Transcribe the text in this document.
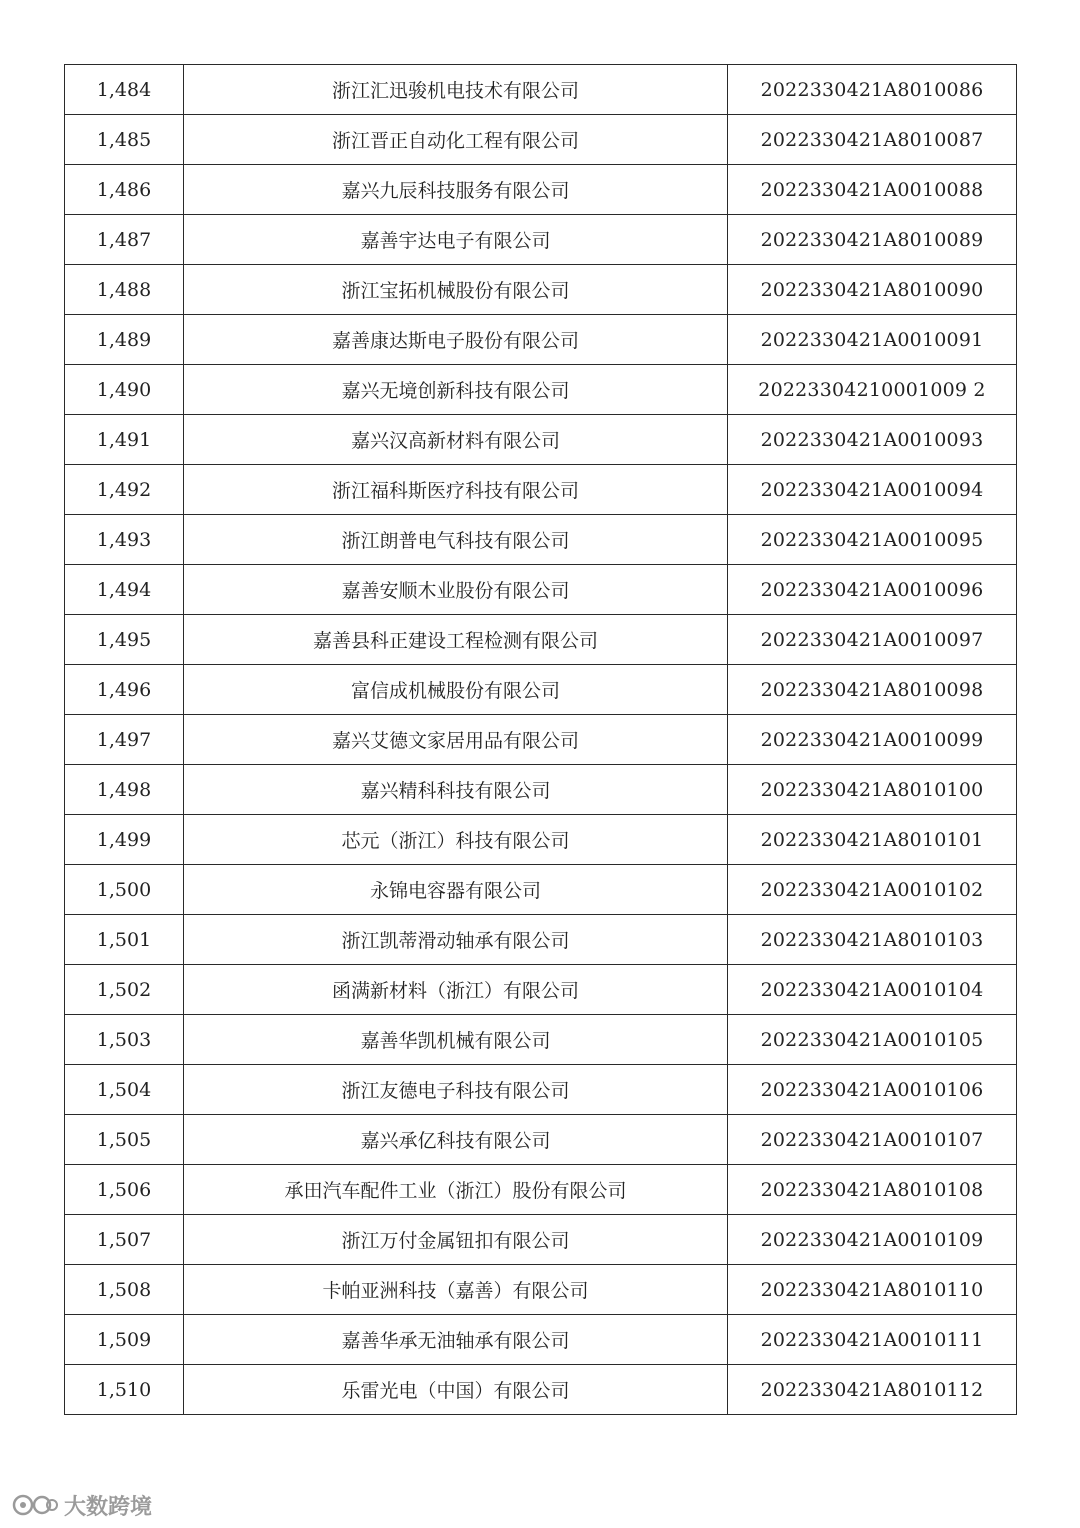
1,484	浙江汇迅骏机电技术有限公司	2022330421A8010086
1,485	浙江晋正自动化工程有限公司	2022330421A8010087
1,486	嘉兴九辰科技服务有限公司	2022330421A0010088
1,487	嘉善宇达电子有限公司	2022330421A8010089
1,488	浙江宝拓机械股份有限公司	2022330421A8010090
1,489	嘉善康达斯电子股份有限公司	2022330421A0010091
1,490	嘉兴无境创新科技有限公司	20223304210001009 2
1,491	嘉兴汉高新材料有限公司	2022330421A0010093
1,492	浙江福科斯医疗科技有限公司	2022330421A0010094
1,493	浙江朗普电气科技有限公司	2022330421A0010095
1,494	嘉善安顺木业股份有限公司	2022330421A0010096
1,495	嘉善县科正建设工程检测有限公司	2022330421A0010097
1,496	富信成机械股份有限公司	2022330421A8010098
1,497	嘉兴艾德文家居用品有限公司	2022330421A0010099
1,498	嘉兴精科科技有限公司	2022330421A8010100
1,499	芯元（浙江）科技有限公司	2022330421A8010101
1,500	永锦电容器有限公司	2022330421A0010102
1,501	浙江凯蒂滑动轴承有限公司	2022330421A8010103
1,502	函满新材料（浙江）有限公司	2022330421A0010104
1,503	嘉善华凯机械有限公司	2022330421A0010105
1,504	浙江友德电子科技有限公司	2022330421A0010106
1,505	嘉兴承亿科技有限公司	2022330421A0010107
1,506	承田汽车配件工业（浙江）股份有限公司	2022330421A8010108
1,507	浙江万付金属钮扣有限公司	2022330421A0010109
1,508	卡帕亚洲科技（嘉善）有限公司	2022330421A8010110
1,509	嘉善华承无油轴承有限公司	2022330421A0010111
1,510	乐雷光电（中国）有限公司	2022330421A8010112
大数跨境
